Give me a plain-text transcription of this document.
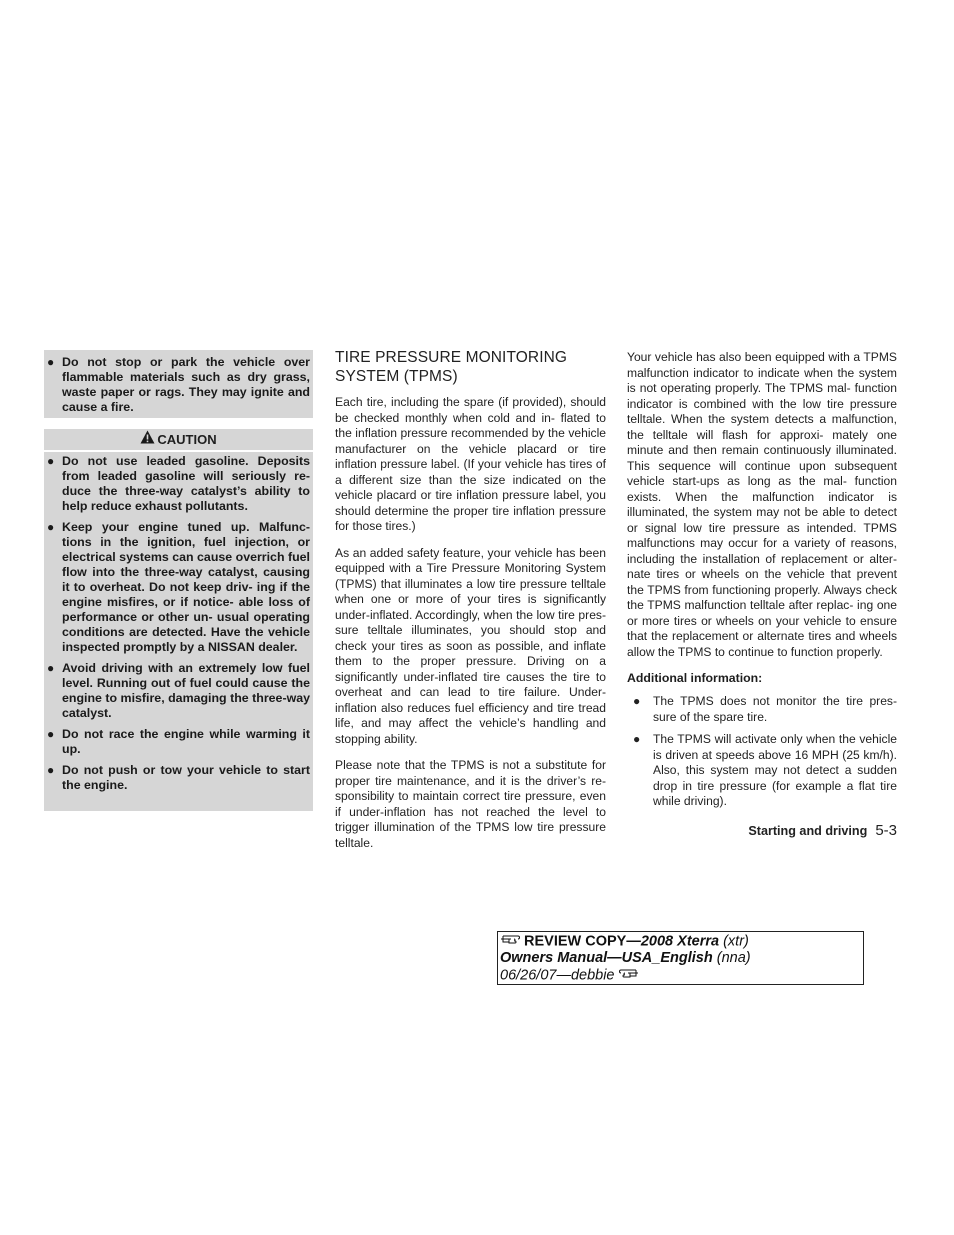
● Do not stop or park the vehicle over flammable materials such as dry grass, waste paper or rags. They may ignite and cause a fire.
CAUTION
● Do not use leaded gasoline. Deposits from leaded gasoline will seriously re- duce the three-way catalyst’s ability to help reduce exhaust pollutants.
● Keep your engine tuned up. Malfunc- tions in the ignition, fuel injection, or electrical systems can cause overrich fuel flow into the three-way catalyst, causing it to overheat. Do not keep driv- ing if the engine misfires, or if notice- able loss of performance or other un- usual operating conditions are detected. Have the vehicle inspected promptly by a NISSAN dealer.
● Avoid driving with an extremely low fuel level. Running out of fuel could cause the engine to misfire, damaging the three-way catalyst.
● Do not race the engine while warming it up.
● Do not push or tow your vehicle to start the engine.
TIRE PRESSURE MONITORING
SYSTEM (TPMS)

Each tire, including the spare (if provided), should be checked monthly when cold and in- flated to the inflation pressure recommended by the vehicle manufacturer on the vehicle placard or tire inflation pressure label. (If your vehicle has tires of a different size than the size indicated on the vehicle placard or tire inflation pressure label, you should determine the proper tire inflation pressure for those tires.)

As an added safety feature, your vehicle has been equipped with a Tire Pressure Monitoring System (TPMS) that illuminates a low tire pressure telltale when one or more of your tires is significantly under-inflated. Accordingly, when the low tire pres- sure telltale illuminates, you should stop and check your tires as soon as possible, and inflate them to the proper pressure. Driving on a significantly under-inflated tire causes the tire to overheat and can lead to tire failure. Under-inflation also reduces fuel efficiency and tire tread life, and may affect the vehicle’s handling and stopping ability.

Please note that the TPMS is not a substitute for proper tire maintenance, and it is the driver’s re- sponsibility to maintain correct tire pressure, even if under-inflation has not reached the level to trigger illumination of the TPMS low tire pressure telltale.

Your vehicle has also been equipped with a TPMS malfunction indicator to indicate when the system is not operating properly. The TPMS mal- function indicator is combined with the low tire pressure telltale. When the system detects a malfunction, the telltale will flash for approxi- mately one minute and then remain continuously illuminated. This sequence will continue upon subsequent vehicle start-ups as long as the mal- function exists. When the malfunction indicator is illuminated, the system may not be able to detect or signal low tire pressure as intended. TPMS malfunctions may occur for a variety of reasons, including the installation of replacement or alter- nate tires or wheels on the vehicle that prevent the TPMS from functioning properly. Always check the TPMS malfunction telltale after replac- ing one or more tires or wheels on your vehicle to ensure that the replacement or alternate tires and wheels allow the TPMS to continue to function properly.

Additional information:

● The TPMS does not monitor the tire pres- sure of the spare tire.
● The TPMS will activate only when the vehicle is driven at speeds above 16 MPH (25 km/h). Also, this system may not detect a sudden drop in tire pressure (for example a flat tire while driving).
Starting and driving 5-3
REVIEW COPY—2008 Xterra (xtr)
Owners Manual—USA_English (nna)
06/26/07—debbie
